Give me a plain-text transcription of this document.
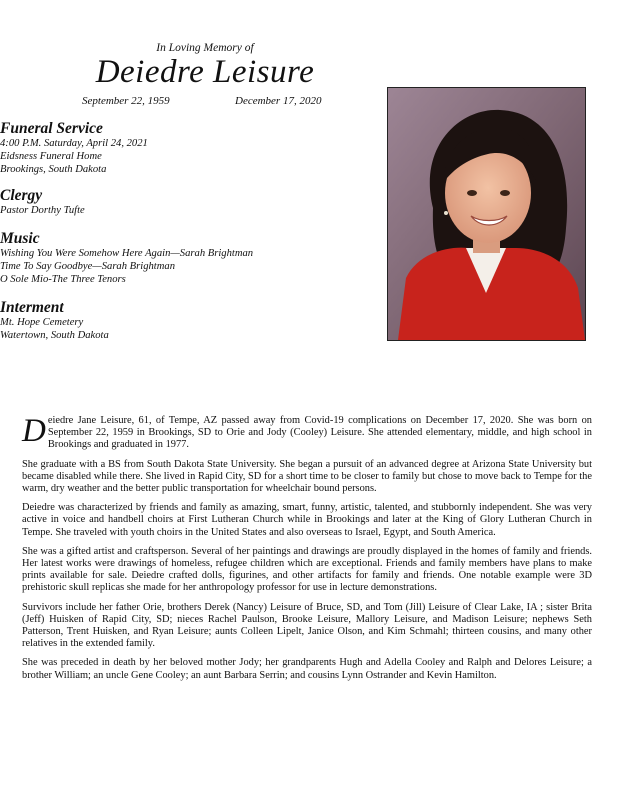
In Loving Memory of
Deiedre Leisure
September 22, 1959	December 17, 2020
Funeral Service
4:00 P.M. Saturday, April 24, 2021
Eidsness Funeral Home
Brookings, South Dakota
Clergy
Pastor Dorthy Tufte
Music
Wishing You Were Somehow Here Again—Sarah Brightman
Time To Say Goodbye—Sarah Brightman
O Sole Mio-The Three Tenors
Interment
Mt. Hope Cemetery
Watertown, South Dakota

Deiedre Jane Leisure, 61, of Tempe, AZ passed away from Covid-19 complications on December 17, 2020. She was born on September 22, 1959 in Brookings, SD to Orie and Jody (Cooley) Leisure. She attended elementary, middle, and high school in Brookings and graduated in 1977.

She graduate with a BS from South Dakota State University. She began a pursuit of an advanced degree at Arizona State University but became disabled while there. She lived in Rapid City, SD for a short time to be closer to family but chose to move back to Tempe for the warm, dry weather and the better public transportation for wheelchair bound persons.

Deiedre was characterized by friends and family as amazing, smart, funny, artistic, talented, and stubbornly independent. She was very active in voice and handbell choirs at First Lutheran Church while in Brookings and later at the King of Glory Lutheran Church in Tempe. She traveled with youth choirs in the United States and also overseas to Israel, Egypt, and South America.

She was a gifted artist and craftsperson. Several of her paintings and drawings are proudly displayed in the homes of family and friends. Her latest works were drawings of homeless, refugee children which are exceptional. Friends and family members have plans to make prints available for sale. Deiedre crafted dolls, figurines, and other artifacts for family and friends. One notable example were 3D prehistoric skull replicas she made for her anthropology professor for use in lecture demonstrations.

Survivors include her father Orie, brothers Derek (Nancy) Leisure of Bruce, SD, and Tom (Jill) Leisure of Clear Lake, IA ; sister Brita (Jeff) Huisken of Rapid City, SD; nieces Rachel Paulson, Brooke Leisure, Mallory Leisure, and Madison Leisure; nephews Seth Patterson, Trent Huisken, and Ryan Leisure; aunts Colleen Lipelt, Janice Olson, and Kim Schmahl; thirteen cousins, and many other relatives in the extended family.

She was preceded in death by her beloved mother Jody; her grandparents Hugh and Adella Cooley and Ralph and Delores Leisure; a brother William; an uncle Gene Cooley; an aunt Barbara Serrin; and cousins Lynn Ostrander and Kevin Hamilton.
